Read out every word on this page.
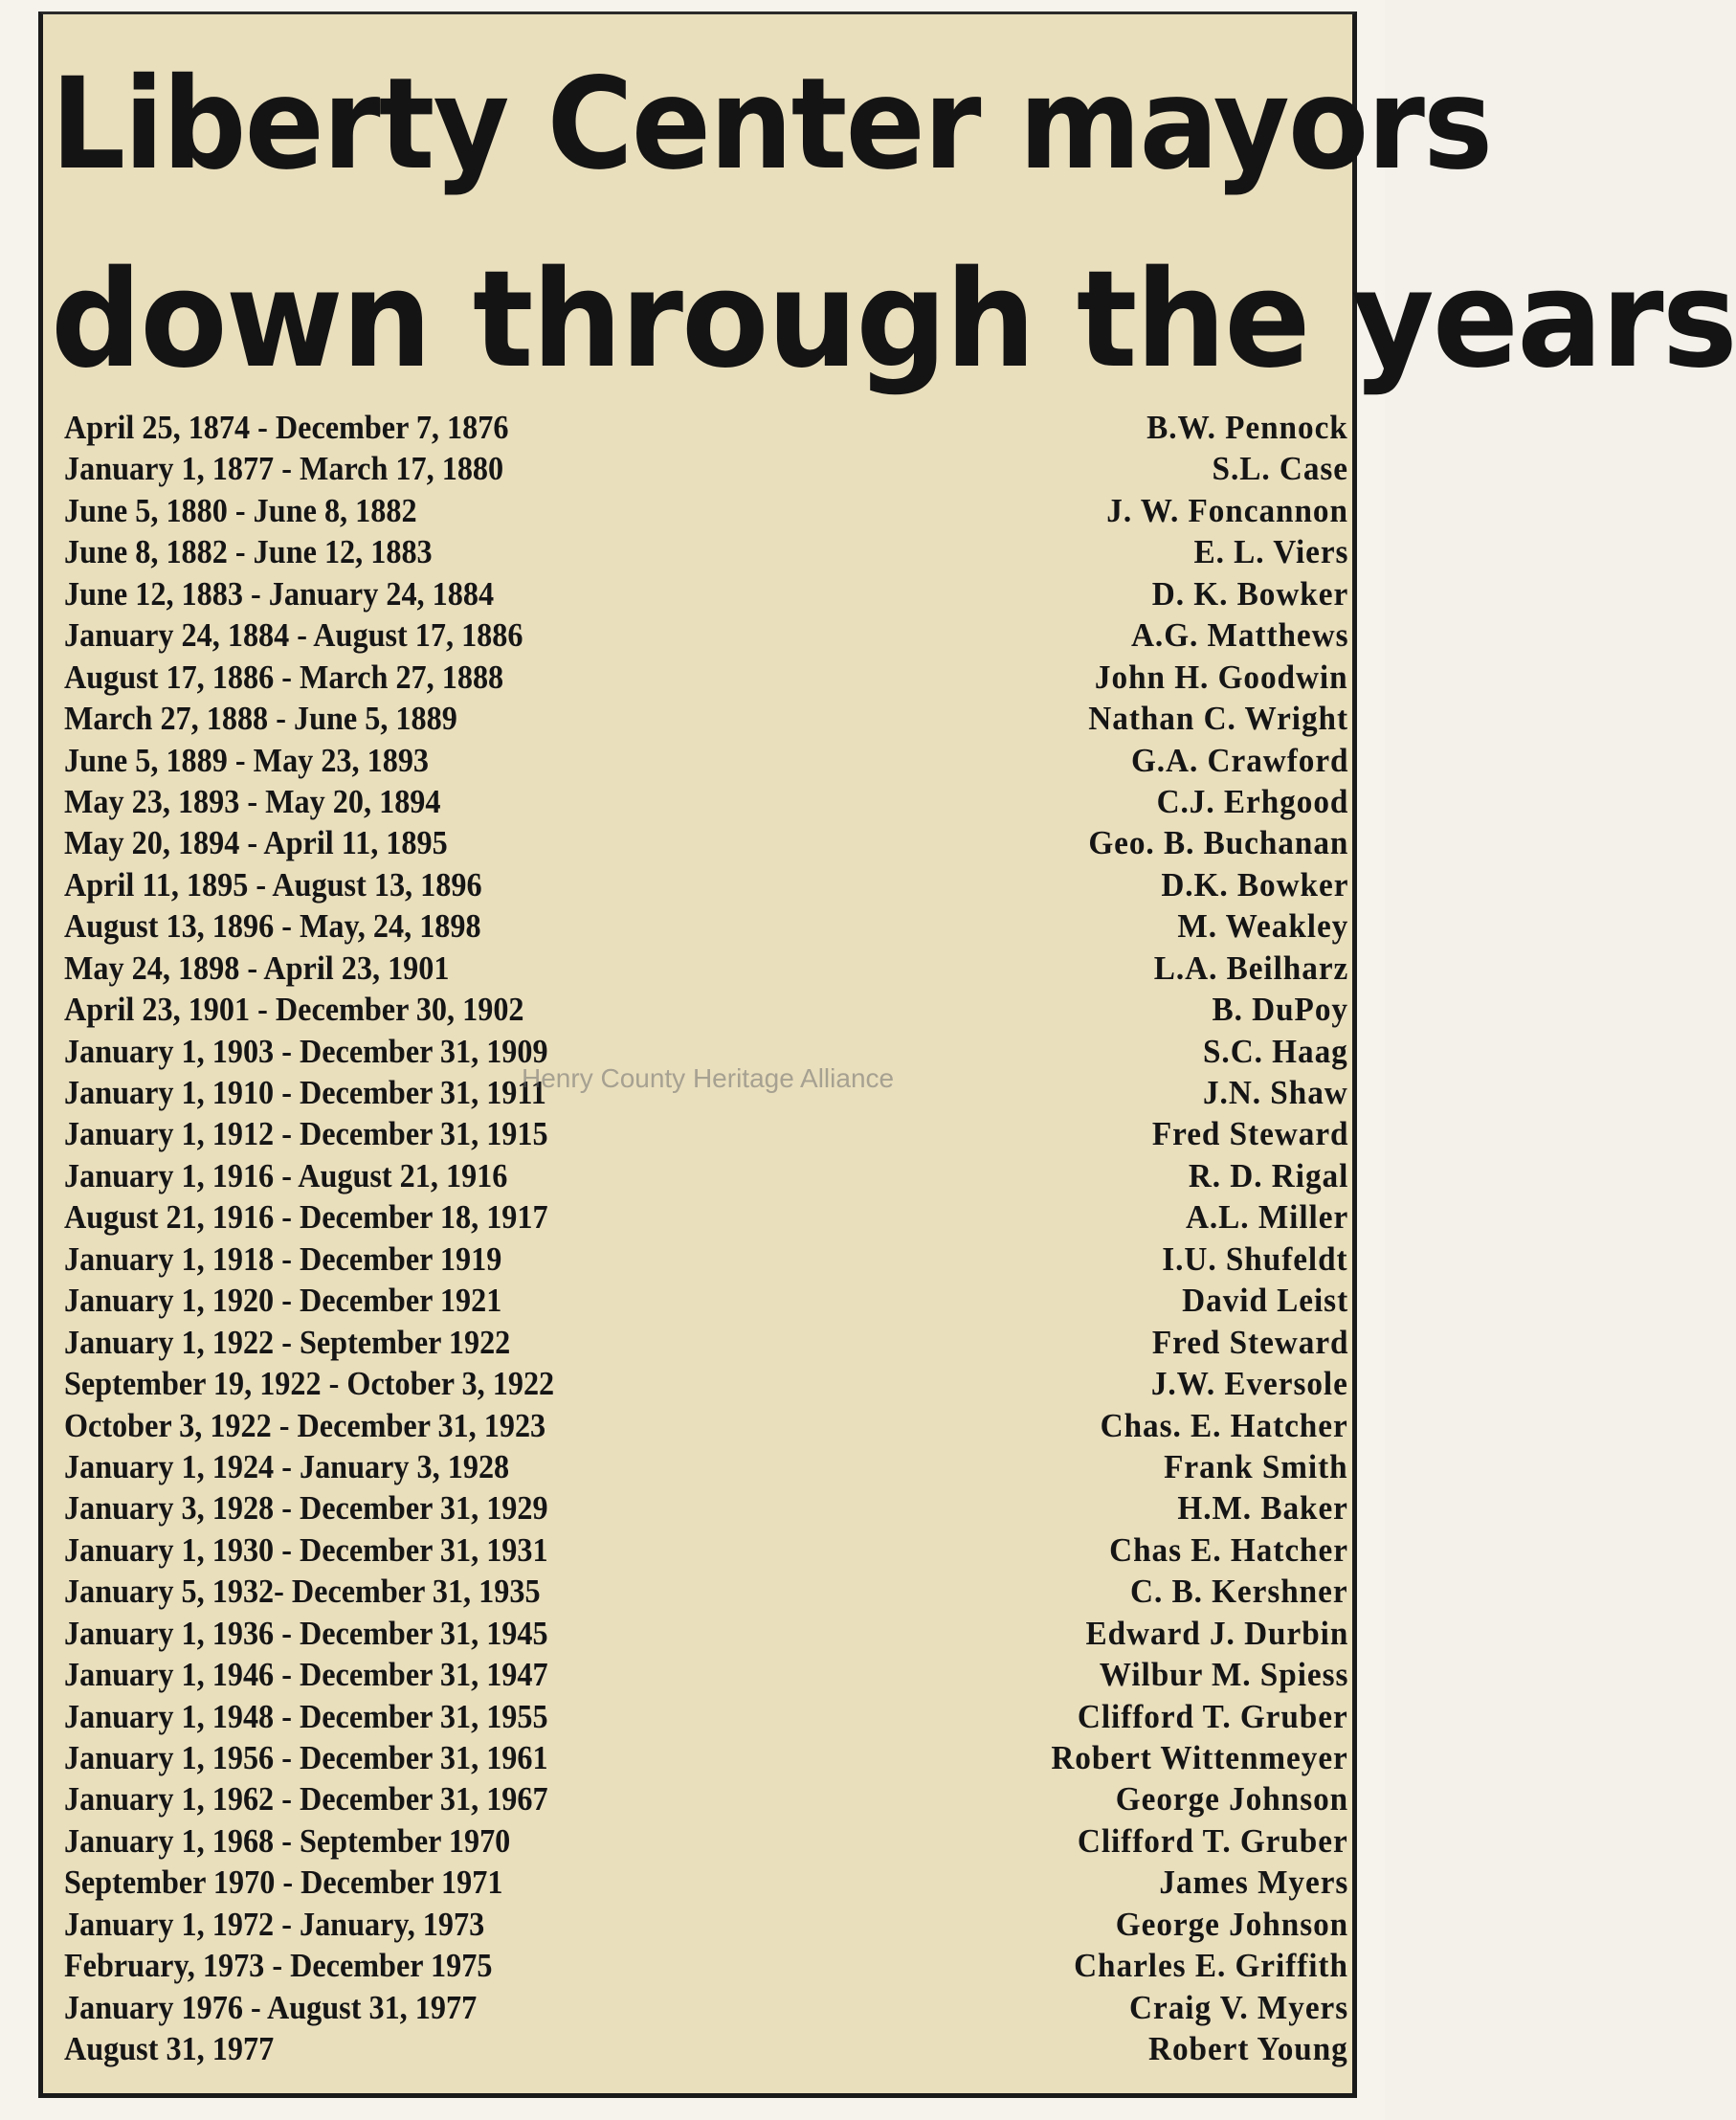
Liberty Center mayors
down through the years
April 25, 1874 - December 7, 1876	B.W. Pennock
January 1, 1877 - March 17, 1880	S.L. Case
June 5, 1880 - June 8, 1882	J. W. Foncannon
June 8, 1882 - June 12, 1883	E. L. Viers
June 12, 1883 - January 24, 1884	D. K. Bowker
January 24, 1884 - August 17, 1886	A.G. Matthews
August 17, 1886 - March 27, 1888	John H. Goodwin
March 27, 1888 - June 5, 1889	Nathan C. Wright
June 5, 1889 - May 23, 1893	G.A. Crawford
May 23, 1893 - May 20, 1894	C.J. Erhgood
May 20, 1894 - April 11, 1895	Geo. B. Buchanan
April 11, 1895 - August 13, 1896	D.K. Bowker
August 13, 1896 - May, 24, 1898	M. Weakley
May 24, 1898 - April 23, 1901	L.A. Beilharz
April 23, 1901 - December 30, 1902	B. DuPoy
January 1, 1903 - December 31, 1909	S.C. Haag
January 1, 1910 - December 31, 1911	J.N. Shaw
January 1, 1912 - December 31, 1915	Fred Steward
January 1, 1916 - August 21, 1916	R. D. Rigal
August 21, 1916 - December 18, 1917	A.L. Miller
January 1, 1918 - December 1919	I.U. Shufeldt
January 1, 1920 - December 1921	David Leist
January 1, 1922 - September 1922	Fred Steward
September 19, 1922 - October 3, 1922	J.W. Eversole
October 3, 1922 - December 31, 1923	Chas. E. Hatcher
January 1, 1924 - January 3, 1928	Frank Smith
January 3, 1928 - December 31, 1929	H.M. Baker
January 1, 1930 - December 31, 1931	Chas E. Hatcher
January 5, 1932- December 31, 1935	C. B. Kershner
January 1, 1936 - December 31, 1945	Edward J. Durbin
January 1, 1946 - December 31, 1947	Wilbur M. Spiess
January 1, 1948 - December 31, 1955	Clifford T. Gruber
January 1, 1956 - December 31, 1961	Robert Wittenmeyer
January 1, 1962 - December 31, 1967	George Johnson
January 1, 1968 - September 1970	Clifford T. Gruber
September 1970 - December 1971	James Myers
January 1, 1972 - January, 1973	George Johnson
February, 1973 - December 1975	Charles E. Griffith
January 1976 - August 31, 1977	Craig V. Myers
August 31, 1977	Robert Young
Henry County Heritage Alliance
